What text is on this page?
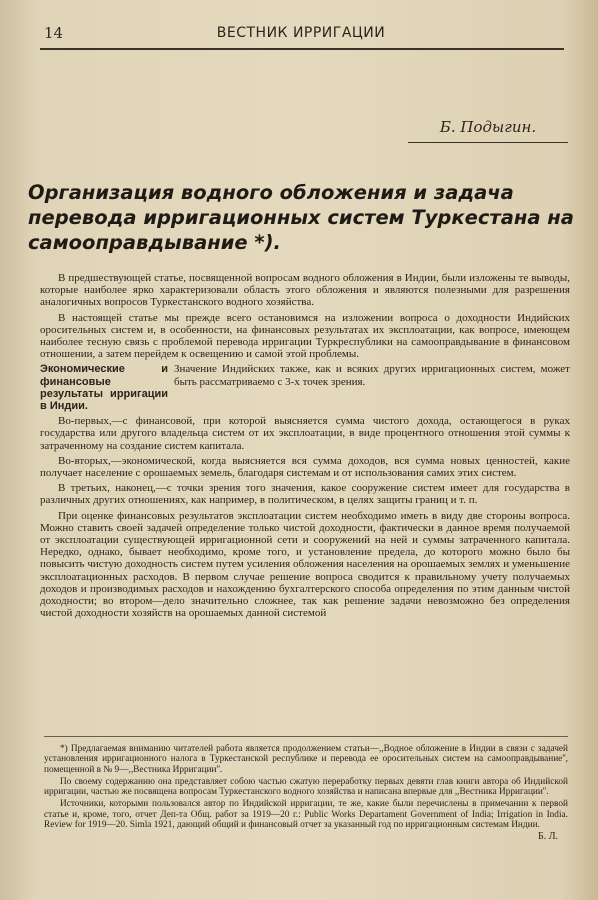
14	ВЕСТНИК ИРРИГАЦИИ
Б. Подыгин.
Организация водного обложения и задача перевода ирригационных систем Туркестана на самооправдывание *).

В предшествующей статье, посвященной вопросам водного обложения в Индии, были изложены те выводы, которые наиболее ярко характеризовали область этого обложения и являются полезными для разрешения аналогичных вопросов Туркестанского водного хозяйства.

В настоящей статье мы прежде всего остановимся на изложении вопроса о доходности Индийских оросительных систем и, в особенности, на финансовых результатах их эксплоатации, как вопросе, имеющем наиболее тесную связь с проблемой перевода ирригации Туркреспублики на самооправдывание в финансовом отношении, а затем перейдем к освещению и самой этой проблемы.

Экономические и финансовые результаты ирригации в Индии.

Значение Индийских также, как и всяких других ирригационных систем, может быть рассматриваемо с 3-х точек зрения.

Во-первых,—с финансовой, при которой выясняется сумма чистого дохода, остающегося в руках государства или другого владельца систем от их эксплоатации, в виде процентного отношения этой суммы к затраченному на создание систем капитала.

Во-вторых,—экономической, когда выясняется вся сумма доходов, вся сумма новых ценностей, какие получает население с орошаемых земель, благодаря системам и от использования самих этих систем.

В третьих, наконец,—с точки зрения того значения, какое сооружение систем имеет для государства в различных других отношениях, как например, в политическом, в целях защиты границ и т. п.

При оценке финансовых результатов эксплоатации систем необходимо иметь в виду две стороны вопроса. Можно ставить своей задачей определение только чистой доходности, фактически в данное время получаемой от эксплоатации существующей ирригационной сети и сооружений на ней и суммы затраченного капитала. Нередко, однако, бывает необходимо, кроме того, и установление предела, до которого можно было бы повысить чистую доходность систем путем усиления обложения населения на орошаемых землях и уменьшение эксплоатационных расходов. В первом случае решение вопроса сводится к правильному учету получаемых доходов и производимых расходов и нахождению бухгалтерского способа определения по этим данным чистой доходности; во втором—дело значительно сложнее, так как решение задачи невозможно без определения чистой доходности хозяйств на орошаемых данной системой

*) Предлагаемая вниманию читателей работа является продолжением статьи—,,Водное обложение в Индии в связи с задачей установления ирригационного налога в Туркестанской республике и перевода ее оросительных систем на самооправдывание'', помещенной в № 9—,,Вестника Ирригации''.

По своему содержанию она представляет собою частью сжатую переработку первых девяти глав книги автора об Индийской ирригации, частью же посвящена вопросам Туркестанского водного хозяйства и написана впервые для ,,Вестника Ирригации''.

Источники, которыми пользовался автор по Индийской ирригации, те же, какие были перечислены в примечании к первой статье и, кроме, того, отчет Деп-та Общ. работ за 1919—20 г.: Public Works Departament Government of India; Irrigation in India. Review for 1919—20. Simla 1921, дающий общий и финансовый отчет за указанный год по ирригационным системам Индии.

Б. Л.
